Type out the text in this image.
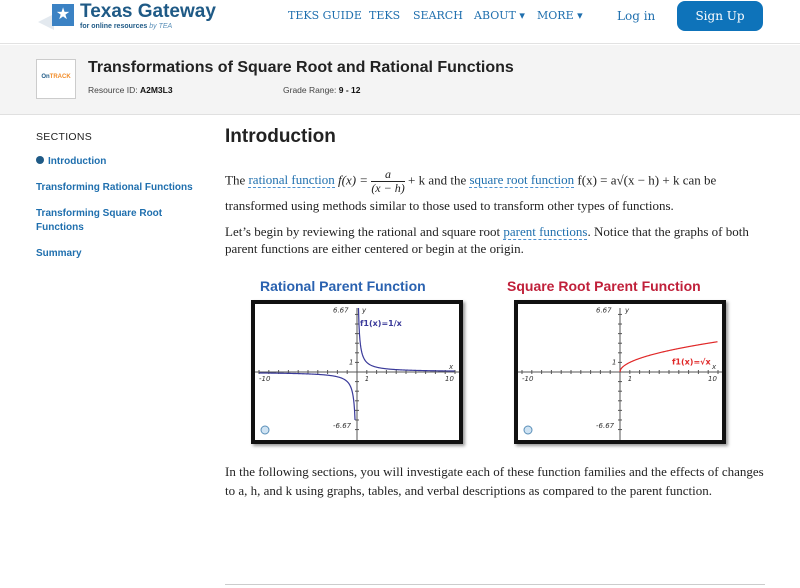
★ Texas Gateway
for online resources by TEA
TEKS GUIDE TEKS SEARCH ABOUT ▾ MORE ▾	Log in	Sign Up
OnTRACK
Transformations of Square Root and Rational Functions
Resource ID: A2M3L3	Grade Range: 9 - 12
SECTIONS
Introduction
Transforming Rational Functions
Transforming Square Root Functions
Summary
Introduction
The rational function $f(x) = \frac{a}{(x - h)} + k$ and the square root function f(x) = a√(x − h) + k can be transformed using methods similar to those used to transform other types of functions.
Let’s begin by reviewing the rational and square root parent functions. Notice that the graphs of both parent functions are either centered or begin at the origin.
Rational Parent Function	Square Root Parent Function
-10	10
1
6.67
-6.67
1
y
x
f1(x)=1/x
-10	10
1
6.67
-6.67
1
y
x
f1(x)=√x
In the following sections, you will investigate each of these function families and the effects of changes to a, h, and k using graphs, tables, and verbal descriptions as compared to the parent function.
